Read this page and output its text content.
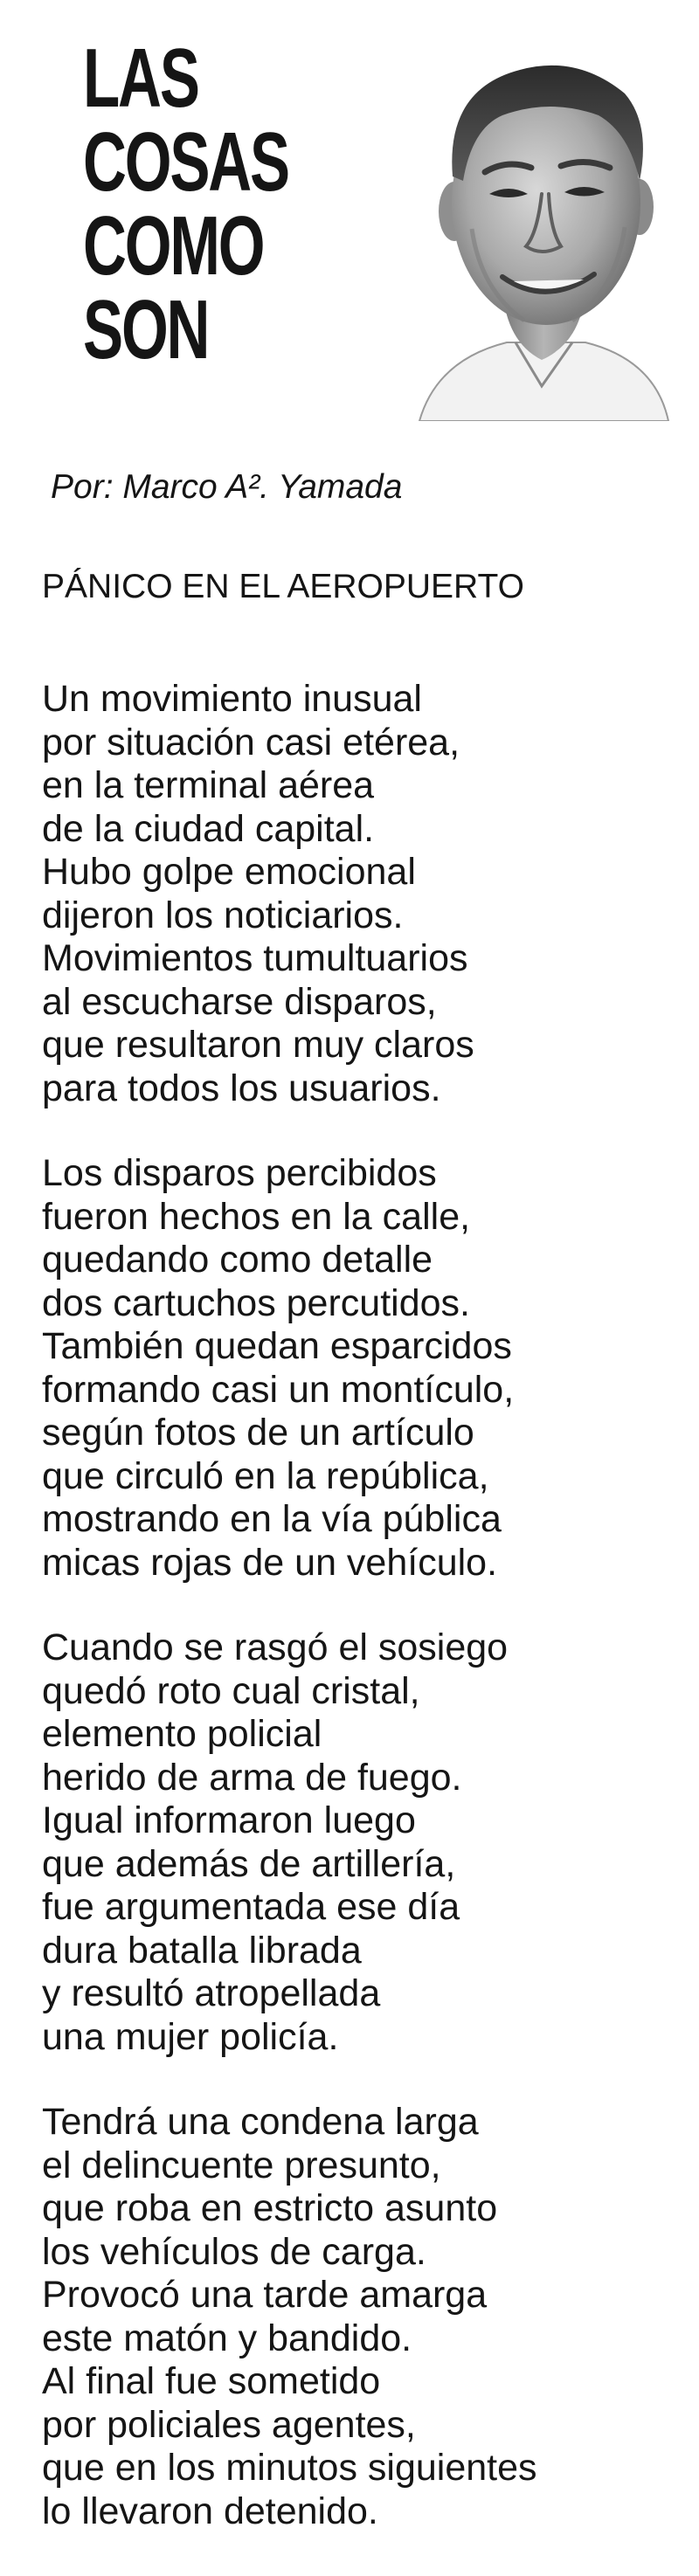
LAS
COSAS
COMO
SON

Por: Marco A². Yamada

PÁNICO EN EL AEROPUERTO
Un movimiento inusual
por situación casi etérea,
en la terminal aérea
de la ciudad capital.
Hubo golpe emocional
dijeron los noticiarios.
Movimientos tumultuarios
al escucharse disparos,
que resultaron muy claros
para todos los usuarios.
Los disparos percibidos
fueron hechos en la calle,
quedando como detalle
dos cartuchos percutidos.
También quedan esparcidos
formando casi un montículo,
según fotos de un artículo
que circuló en la república,
mostrando en la vía pública
micas rojas de un vehículo.
Cuando se rasgó el sosiego
quedó roto cual cristal,
elemento policial
herido de arma de fuego.
Igual informaron luego
que además de artillería,
fue argumentada ese día
dura batalla librada
y resultó atropellada
una mujer policía.
Tendrá una condena larga
el delincuente presunto,
que roba en estricto asunto
los vehículos de carga.
Provocó una tarde amarga
este matón y bandido.
Al final fue sometido
por policiales agentes,
que en los minutos siguientes
lo llevaron detenido.
